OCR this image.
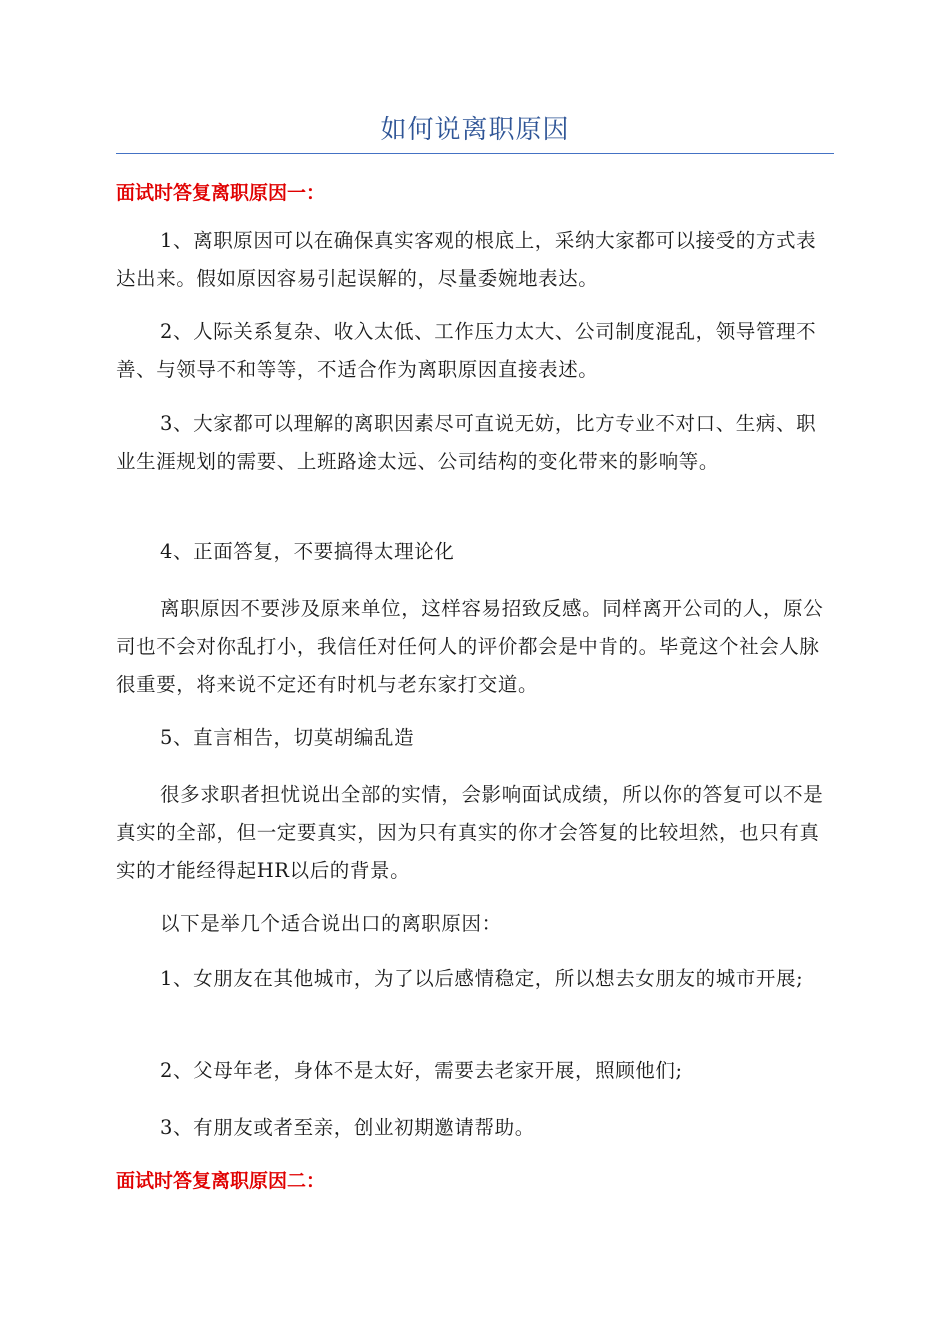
如何说离职原因
面试时答复离职原因一：

1、离职原因可以在确保真实客观的根底上，采纳大家都可以接受的方式表达出来。假如原因容易引起误解的，尽量委婉地表达。

2、人际关系复杂、收入太低、工作压力太大、公司制度混乱，领导管理不善、与领导不和等等，不适合作为离职原因直接表述。

3、大家都可以理解的离职因素尽可直说无妨，比方专业不对口、生病、职业生涯规划的需要、上班路途太远、公司结构的变化带来的影响等。

4、正面答复，不要搞得太理论化

离职原因不要涉及原来单位，这样容易招致反感。同样离开公司的人，原公司也不会对你乱打小，我信任对任何人的评价都会是中肯的。毕竟这个社会人脉很重要，将来说不定还有时机与老东家打交道。

5、直言相告，切莫胡编乱造

很多求职者担忧说出全部的实情，会影响面试成绩，所以你的答复可以不是真实的全部，但一定要真实，因为只有真实的你才会答复的比较坦然，也只有真实的才能经得起HR以后的背景。

以下是举几个适合说出口的离职原因：

1、女朋友在其他城市，为了以后感情稳定，所以想去女朋友的城市开展;

2、父母年老，身体不是太好，需要去老家开展，照顾他们;

3、有朋友或者至亲，创业初期邀请帮助。

面试时答复离职原因二：
